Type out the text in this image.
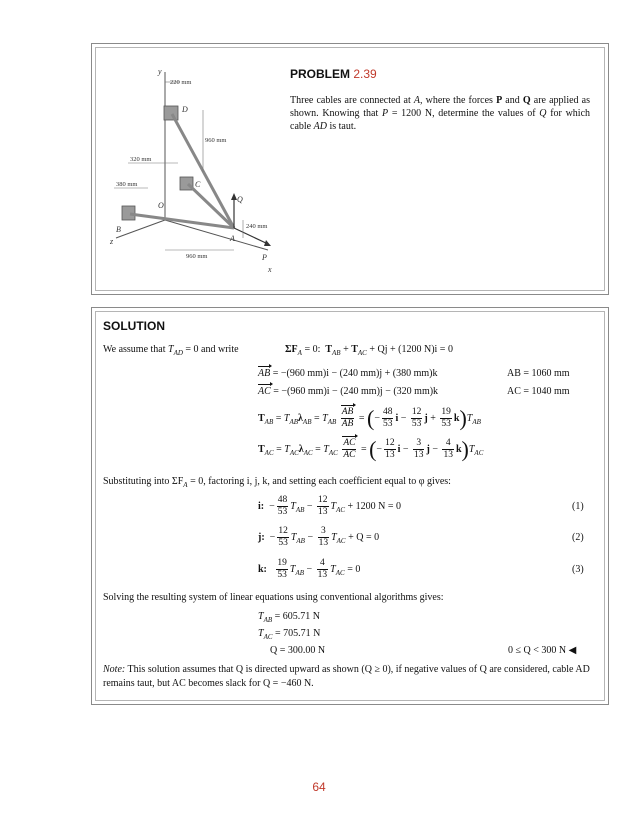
y
x
z
O
D
C
B
A
Q
P
220 mm
960 mm
320 mm
380 mm
240 mm
960 mm
PROBLEM 2.39
Three cables are connected at A, where the forces P and Q are applied as shown. Knowing that P = 1200 N, determine the values of Q for which cable AD is taut.
SOLUTION
We assume that $T_{AD} = 0$ and write	$\Sigma F_A = 0$: $T_{AB} + T_{AC} + Qj + (1200$ N)i = 0
AB = −(960 mm)i − (240 mm)j + (380 mm)k	AB = 1060 mm
AC = −(960 mm)i − (240 mm)j − (320 mm)k	AC = 1040 mm
$T_{AB} = T_{AB}\lambda_{AB} = T_{AB} \frac{AB}{AB}$ = (− $\frac{48}{53}$ $i - \frac{12}{53}$ $j + \frac{19}{53} k)T_{AB}$
$T_{AC} = T_{AC}\lambda_{AC} = T_{AC} \frac{AC}{AC}$ = (− $\frac{12}{13}$ $i - \frac{3}{13}$ $j - \frac{4}{13} k)T_{AC}$
Substituting into $\Sigma F_A = 0$, factoring i, j, k, and setting each coefficient equal to φ gives:
i:  − $\frac{48}{53} T_{AB} - \frac{12}{13} T_{AC} + 1200$ N = 0	(1)
j:  − $\frac{12}{53} T_{AB} - \frac{3}{13} T_{AC} + Q = 0$	(2)
k: $\frac{19}{53} T_{AB} - \frac{4}{13} T_{AC} = 0$	(3)
Solving the resulting system of linear equations using conventional algorithms gives:
$T_{AB} = 605.71$ N
$T_{AC} = 705.71$ N
Q = 300.00 N	0 ≤ Q < 300 N ◀
Note: This solution assumes that Q is directed upward as shown (Q ≥ 0), if negative values of Q are considered, cable AD remains taut, but AC becomes slack for Q = −460 N.
64
